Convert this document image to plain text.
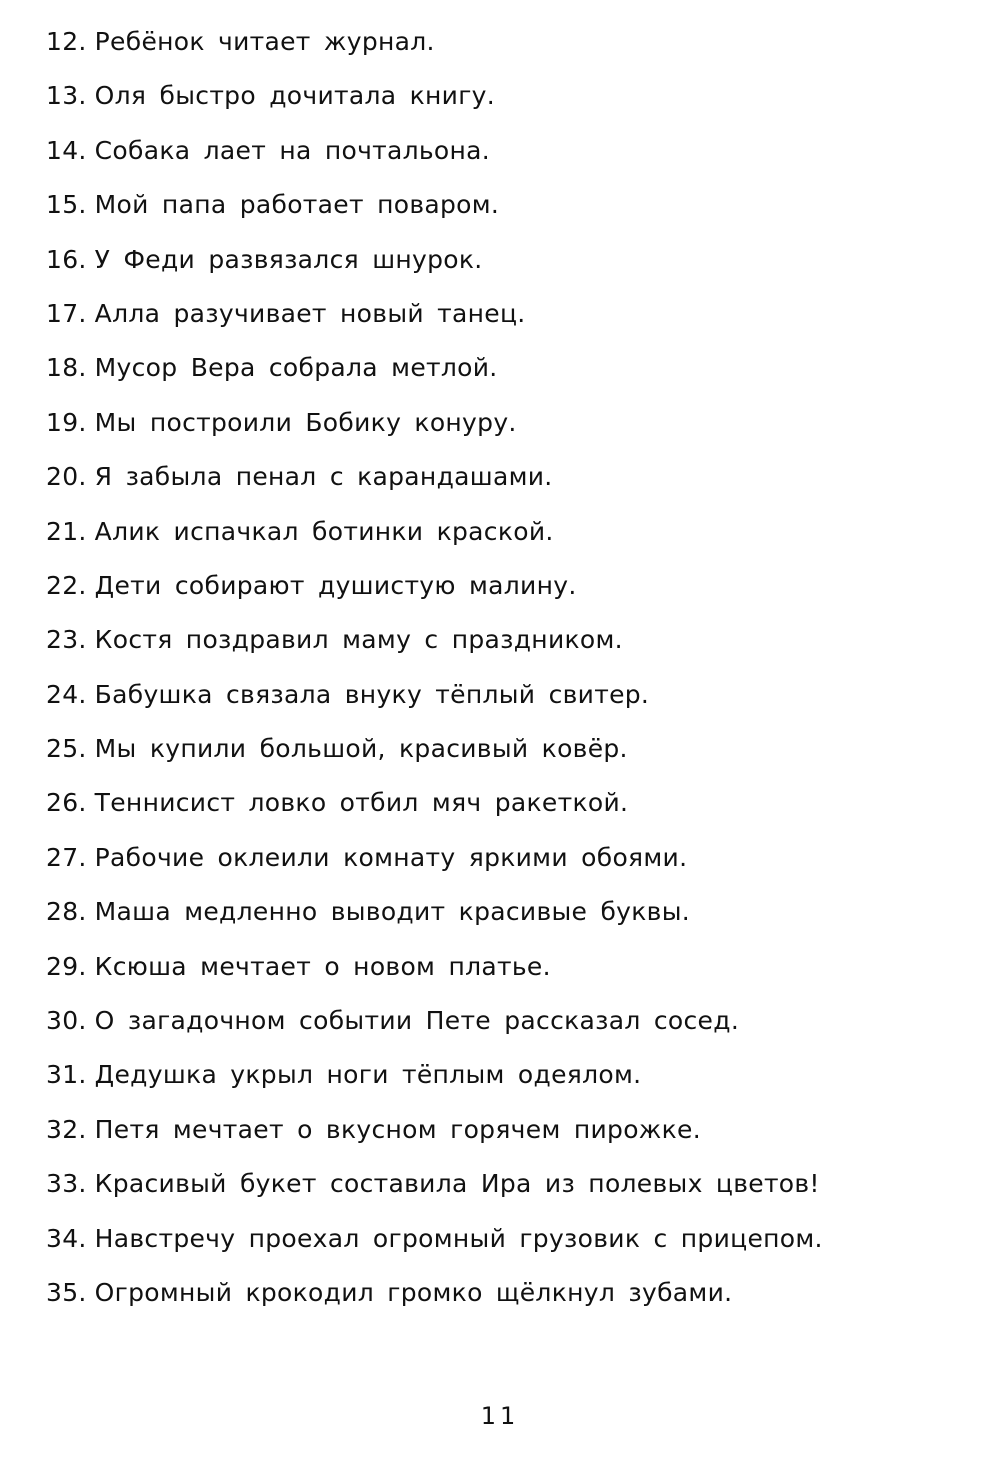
12. Ребёнок читает журнал.
13. Оля быстро дочитала книгу.
14. Собака лает на почтальона.
15. Мой папа работает поваром.
16. У Феди развязался шнурок.
17. Алла разучивает новый танец.
18. Мусор Вера собрала метлой.
19. Мы построили Бобику конуру.
20. Я забыла пенал с карандашами.
21. Алик испачкал ботинки краской.
22. Дети собирают душистую малину.
23. Костя поздравил маму с праздником.
24. Бабушка связала внуку тёплый свитер.
25. Мы купили большой, красивый ковёр.
26. Теннисист ловко отбил мяч ракеткой.
27. Рабочие оклеили комнату яркими обоями.
28. Маша медленно выводит красивые буквы.
29. Ксюша мечтает о новом платье.
30. О загадочном событии Пете рассказал сосед.
31. Дедушка укрыл ноги тёплым одеялом.
32. Петя мечтает о вкусном горячем пирожке.
33. Красивый букет составила Ира из полевых цветов!
34. Навстречу проехал огромный грузовик с прицепом.
35. Огромный крокодил громко щёлкнул зубами.
11
